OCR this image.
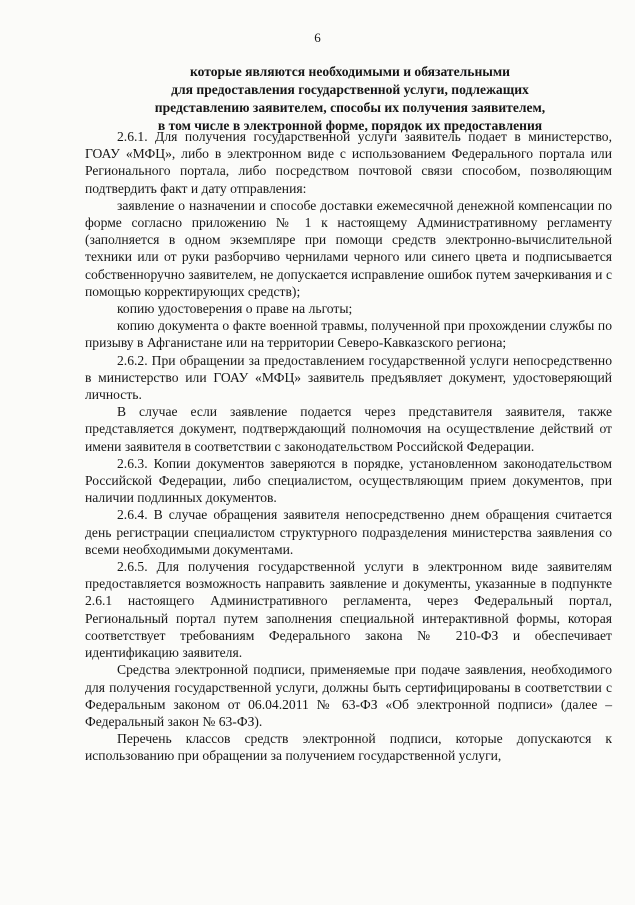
6
которые являются необходимыми и обязательными
для предоставления государственной услуги, подлежащих
представлению заявителем, способы их получения заявителем,
в том числе в электронной форме, порядок их предоставления

2.6.1. Для получения государственной услуги заявитель подает в министерство, ГОАУ «МФЦ», либо в электронном виде с использованием Федерального портала или Регионального портала, либо посредством почтовой связи способом, позволяющим подтвердить факт и дату отправления:

заявление о назначении и способе доставки ежемесячной денежной компенсации по форме согласно приложению № 1 к настоящему Административному регламенту (заполняется в одном экземпляре при помощи средств электронно-вычислительной техники или от руки разборчиво чернилами черного или синего цвета и подписывается собственноручно заявителем, не допускается исправление ошибок путем зачеркивания и с помощью корректирующих средств);

копию удостоверения о праве на льготы;

копию документа о факте военной травмы, полученной при прохождении службы по призыву в Афганистане или на территории Северо-Кавказского региона;

2.6.2. При обращении за предоставлением государственной услуги непосредственно в министерство или ГОАУ «МФЦ» заявитель предъявляет документ, удостоверяющий личность.

В случае если заявление подается через представителя заявителя, также представляется документ, подтверждающий полномочия на осуществление действий от имени заявителя в соответствии с законодательством Российской Федерации.

2.6.3. Копии документов заверяются в порядке, установленном законодательством Российской Федерации, либо специалистом, осуществляющим прием документов, при наличии подлинных документов.

2.6.4. В случае обращения заявителя непосредственно днем обращения считается день регистрации специалистом структурного подразделения министерства заявления со всеми необходимыми документами.

2.6.5. Для получения государственной услуги в электронном виде заявителям предоставляется возможность направить заявление и документы, указанные в подпункте 2.6.1 настоящего Административного регламента, через Федеральный портал, Региональный портал путем заполнения специальной интерактивной формы, которая соответствует требованиям Федерального закона № 210-ФЗ и обеспечивает идентификацию заявителя.

Средства электронной подписи, применяемые при подаче заявления, необходимого для получения государственной услуги, должны быть сертифицированы в соответствии с Федеральным законом от 06.04.2011 № 63-ФЗ «Об электронной подписи» (далее – Федеральный закон № 63-ФЗ).

Перечень классов средств электронной подписи, которые допускаются к использованию при обращении за получением государственной услуги,
